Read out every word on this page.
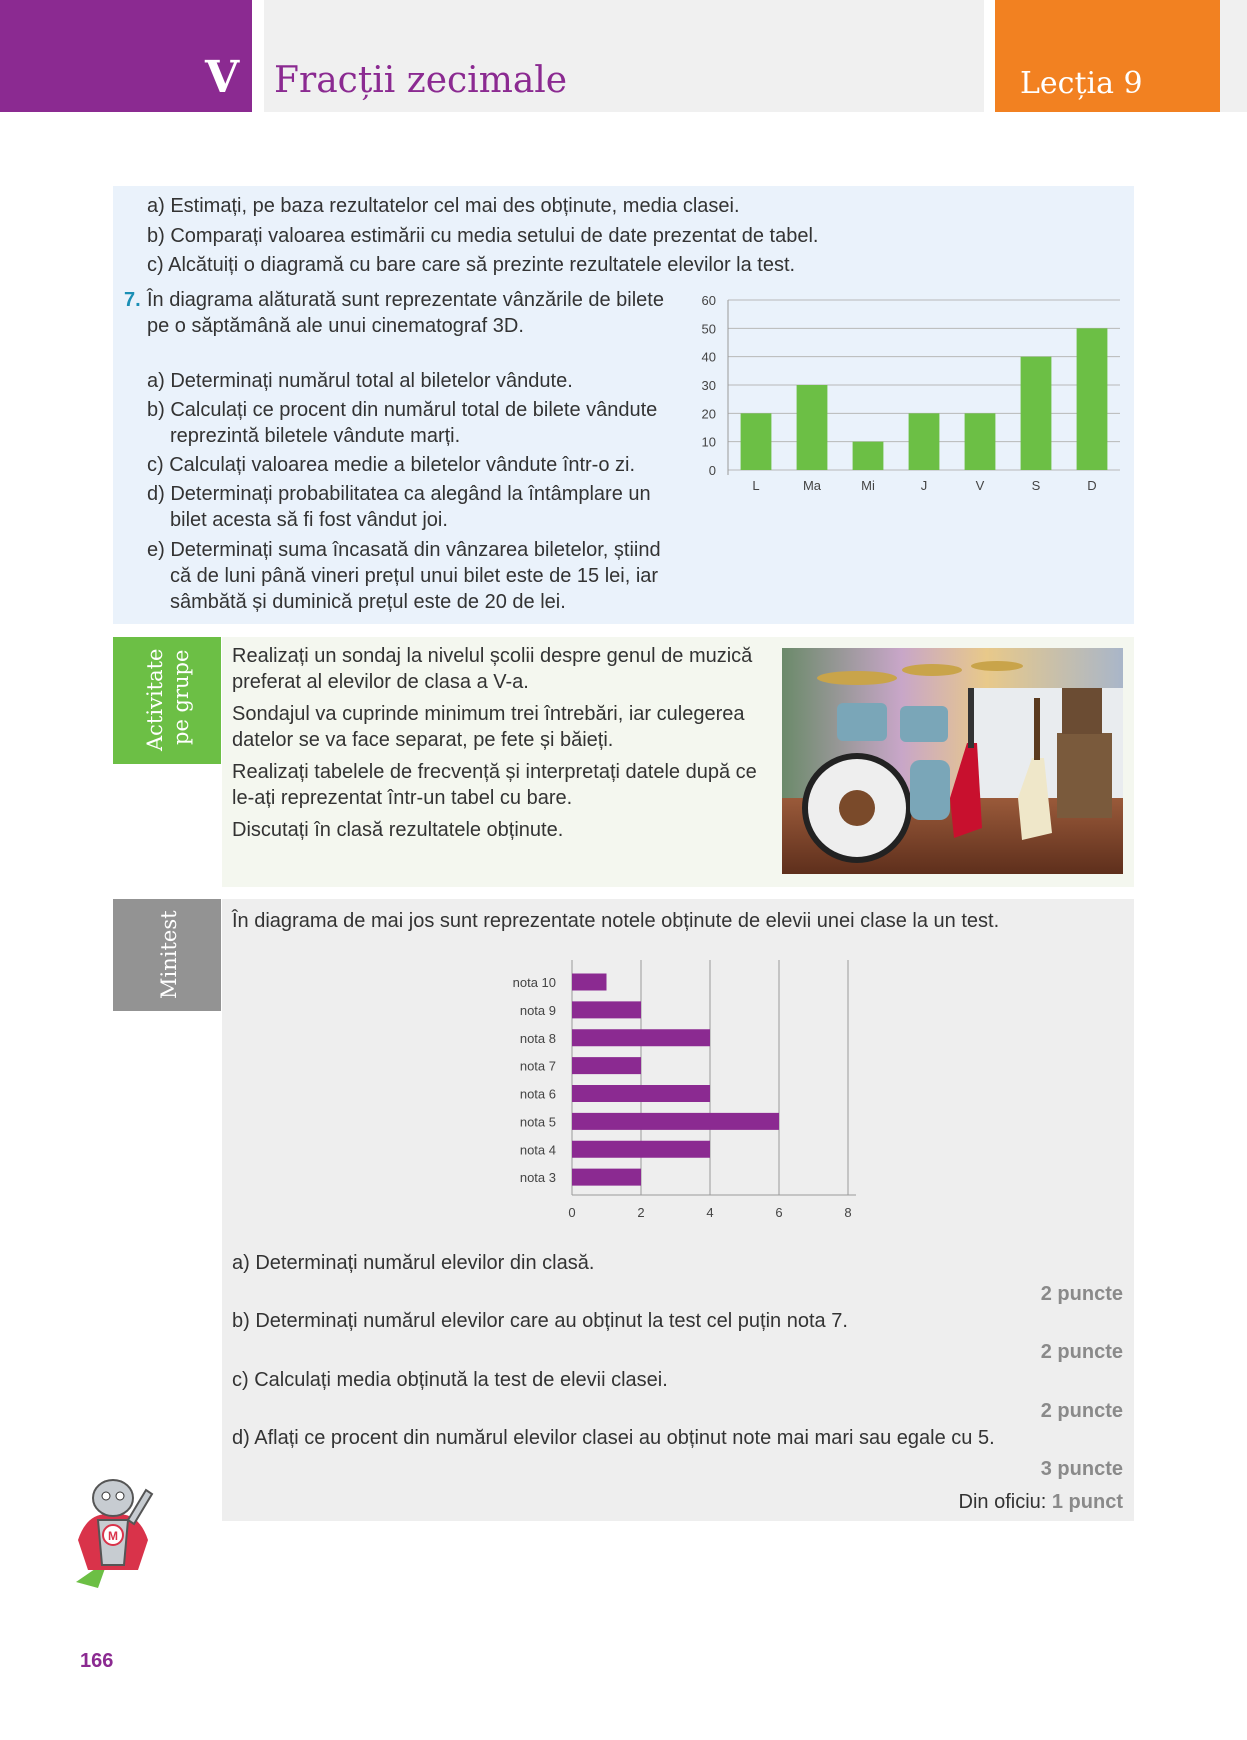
V Fracții zecimale	Lecția 9
a) Estimați, pe baza rezultatelor cel mai des obținute, media clasei.
b) Comparați valoarea estimării cu media setului de date prezentat de tabel.
c) Alcătuiți o diagramă cu bare care să prezinte rezultatele elevilor la test.
7. În diagrama alăturată sunt reprezentate vânzările de bilete
pe o săptămână ale unui cinematograf 3D.
a) Determinați numărul total al biletelor vândute.
b) Calculați ce procent din numărul total de bilete vândute
reprezintă biletele vândute marți.
c) Calculați valoarea medie a biletelor vândute într-o zi.
d) Determinați probabilitatea ca alegând la întâmplare un
bilet acesta să fi fost vândut joi.
e) Determinați suma încasată din vânzarea biletelor, știind
că de luni până vineri prețul unui bilet este de 15 lei, iar
sâmbătă și duminică prețul este de 20 de lei.
0
10
20
30
40
50
60
L	Ma	Mi	J	V	S	D
Activitate pe grupe Realizați un sondaj la nivelul școlii despre genul de muzică
preferat al elevilor de clasa a V-a.
Sondajul va cuprinde minimum trei întrebări, iar culegerea
datelor se va face separat, pe fete și băieți.
Realizați tabelele de frecvență și interpretați datele după ce
le-ați reprezentat într-un tabel cu bare.
Discutați în clasă rezultatele obținute.
Minitest	În diagrama de mai jos sunt reprezentate notele obținute de elevii unei clase la un test.
0	2	4	6	8
nota 10
nota 9
nota 8
nota 7
nota 6
nota 5
nota 4
nota 3
a) Determinați numărul elevilor din clasă.
2 puncte
b) Determinați numărul elevilor care au obținut la test cel puțin nota 7.
2 puncte
c) Calculați media obținută la test de elevii clasei.
2 puncte
d) Aflați ce procent din numărul elevilor clasei au obținut note mai mari sau egale cu 5.
3 puncte
Din oficiu: 1 punct
M
166
